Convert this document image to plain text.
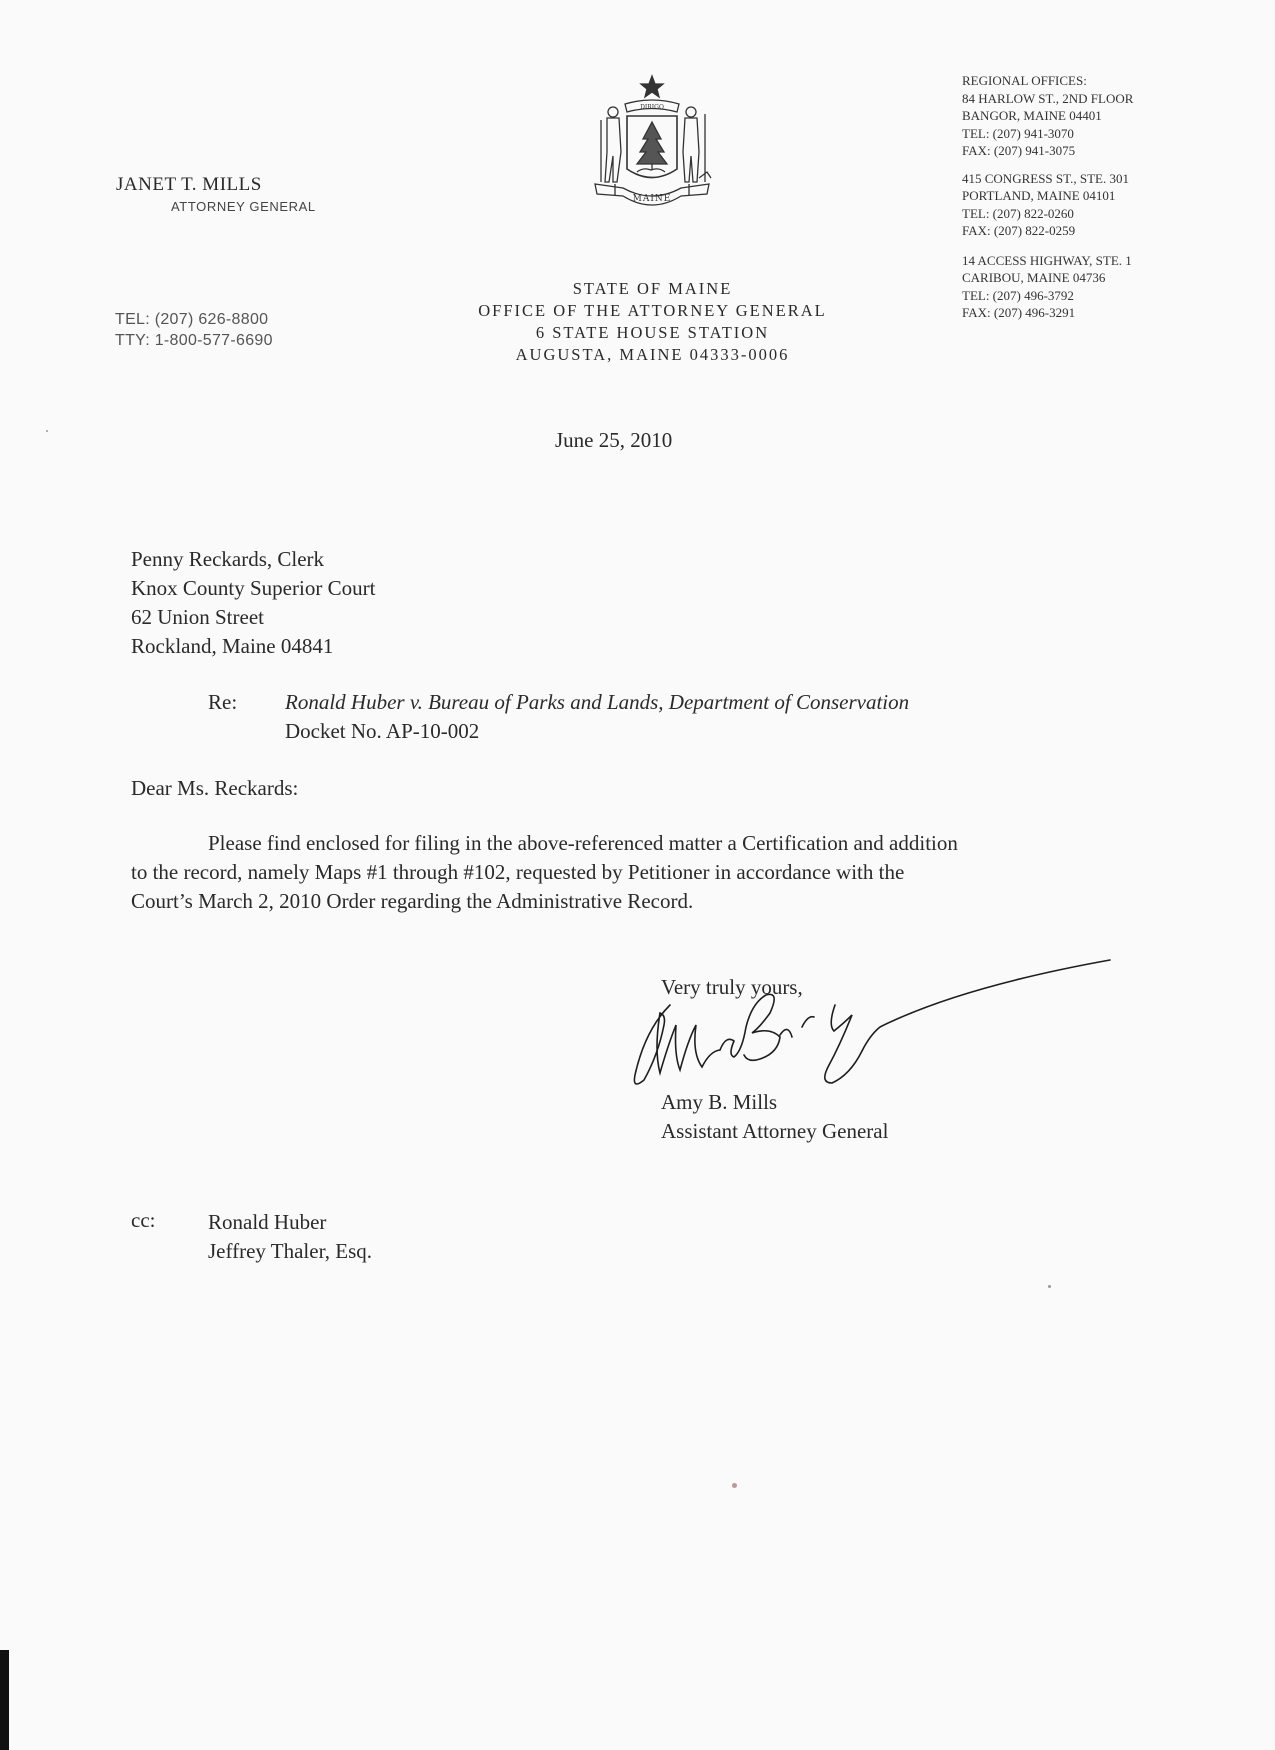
JANET T. MILLS
ATTORNEY GENERAL
TEL: (207) 626-8800
TTY: 1-800-577-6690
DIRIGO
MAINE
STATE OF MAINE
OFFICE OF THE ATTORNEY GENERAL
6 STATE HOUSE STATION
AUGUSTA, MAINE 04333-0006
REGIONAL OFFICES:
84 HARLOW ST., 2ND FLOOR
BANGOR, MAINE 04401
TEL: (207) 941-3070
FAX: (207) 941-3075
415 CONGRESS ST., STE. 301
PORTLAND, MAINE 04101
TEL: (207) 822-0260
FAX: (207) 822-0259
14 ACCESS HIGHWAY, STE. 1
CARIBOU, MAINE 04736
TEL: (207) 496-3792
FAX: (207) 496-3291
June 25, 2010
Penny Reckards, Clerk
Knox County Superior Court
62 Union Street
Rockland, Maine 04841
Re: Ronald Huber v. Bureau of Parks and Lands, Department of Conservation
Docket No. AP-10-002
Dear Ms. Reckards:
Please find enclosed for filing in the above-referenced matter a Certification and addition
to the record, namely Maps #1 through #102, requested by Petitioner in accordance with the
Court’s March 2, 2010 Order regarding the Administrative Record.
Very truly yours,
Amy B. Mills
Assistant Attorney General
cc:	Ronald Huber
Jeffrey Thaler, Esq.
